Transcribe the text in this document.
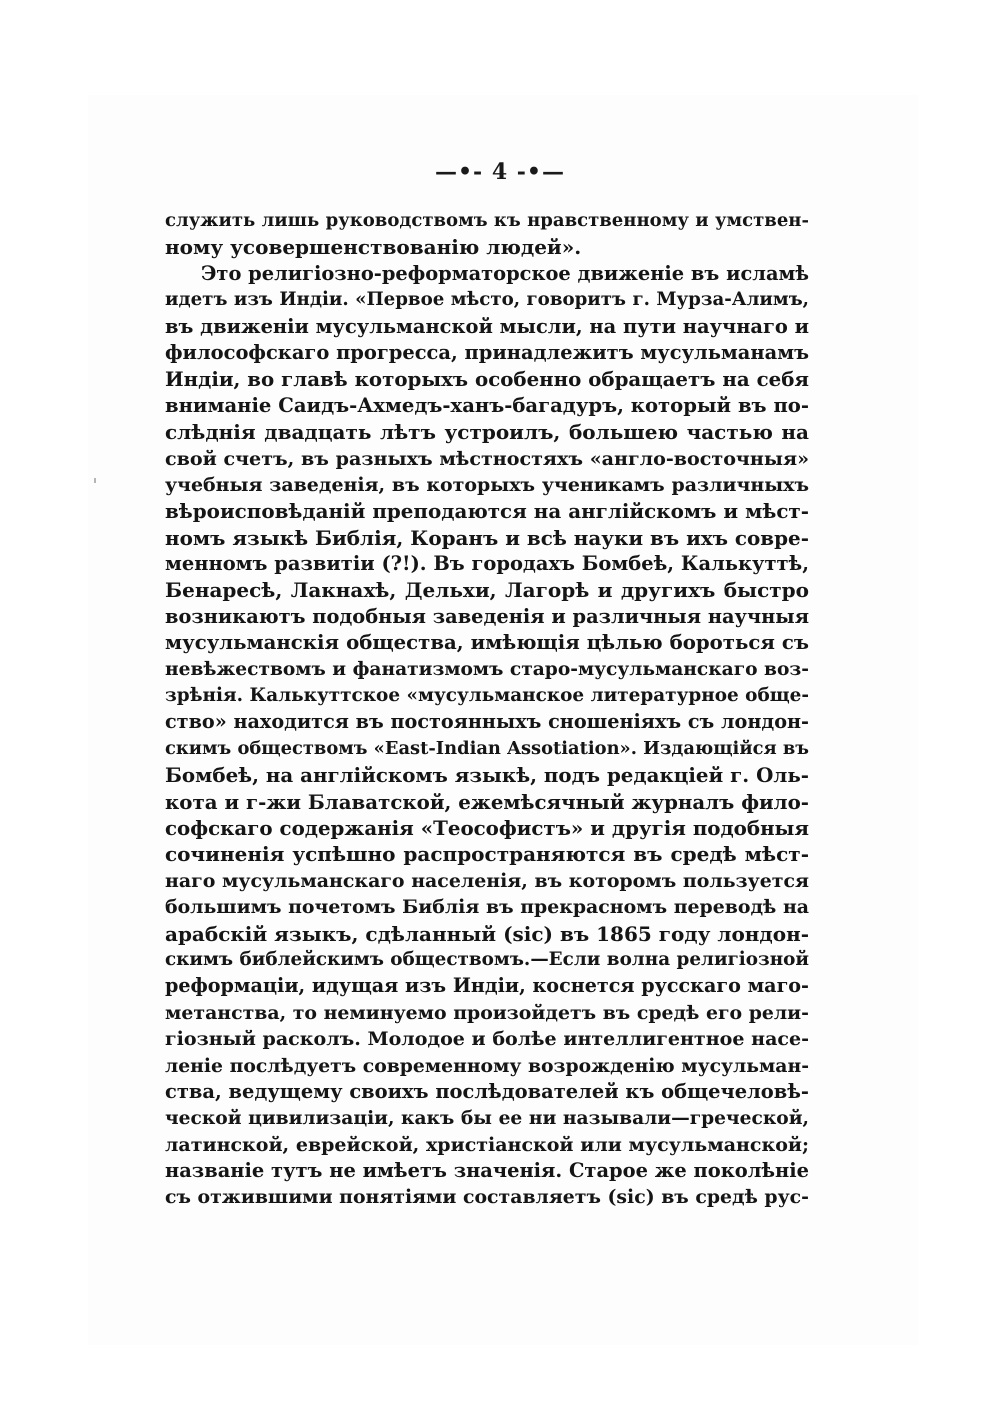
—•- 4 -•—
служить лишь руководствомъ къ нравственному и умствен-
ному усовершенствованію людей».
Это религіозно-реформаторское движеніе въ исламѣ
идетъ изъ Индіи. «Первое мѣсто, говоритъ г. Мурза-Алимъ,
въ движеніи мусульманской мысли, на пути научнаго и
философскаго прогресса, принадлежитъ мусульманамъ
Индіи, во главѣ которыхъ особенно обращаетъ на себя
вниманіе Саидъ-Ахмедъ-ханъ-багадуръ, который въ по-
слѣднія двадцать лѣтъ устроилъ, большею частью на
свой счетъ, въ разныхъ мѣстностяхъ «англо-восточныя»
учебныя заведенія, въ которыхъ ученикамъ различныхъ
вѣроисповѣданій преподаются на англійскомъ и мѣст-
номъ языкѣ Библія, Коранъ и всѣ науки въ ихъ совре-
менномъ развитіи (?!). Въ городахъ Бомбеѣ, Калькуттѣ,
Бенаресѣ, Лакнахѣ, Дельхи, Лагорѣ и другихъ быстро
возникаютъ подобныя заведенія и различныя научныя
мусульманскія общества, имѣющія цѣлью бороться съ
невѣжествомъ и фанатизмомъ старо-мусульманскаго воз-
зрѣнія. Калькуттское «мусульманское литературное обще-
ство» находится въ постоянныхъ сношеніяхъ съ лондон-
скимъ обществомъ «East-Indian Assotiation». Издающійся въ
Бомбеѣ, на англійскомъ языкѣ, подъ редакціей г. Оль-
кота и г-жи Блаватской, ежемѣсячный журналъ фило-
софскаго содержанія «Теософистъ» и другія подобныя
сочиненія успѣшно распространяются въ средѣ мѣст-
наго мусульманскаго населенія, въ которомъ пользуется
большимъ почетомъ Библія въ прекрасномъ переводѣ на
арабскій языкъ, сдѣланный (sic) въ 1865 году лондон-
скимъ библейскимъ обществомъ.—Если волна религіозной
реформаціи, идущая изъ Индіи, коснется русскаго маго-
метанства, то неминуемо произойдетъ въ средѣ его рели-
гіозный расколъ. Молодое и болѣе интеллигентное насе-
леніе послѣдуетъ современному возрожденію мусульман-
ства, ведущему своихъ послѣдователей къ общечеловѣ-
ческой цивилизаціи, какъ бы ее ни называли—греческой,
латинской, еврейской, христіанской или мусульманской;
названіе тутъ не имѣетъ значенія. Старое же поколѣніе
съ отжившими понятіями составляетъ (sic) въ средѣ рус-
